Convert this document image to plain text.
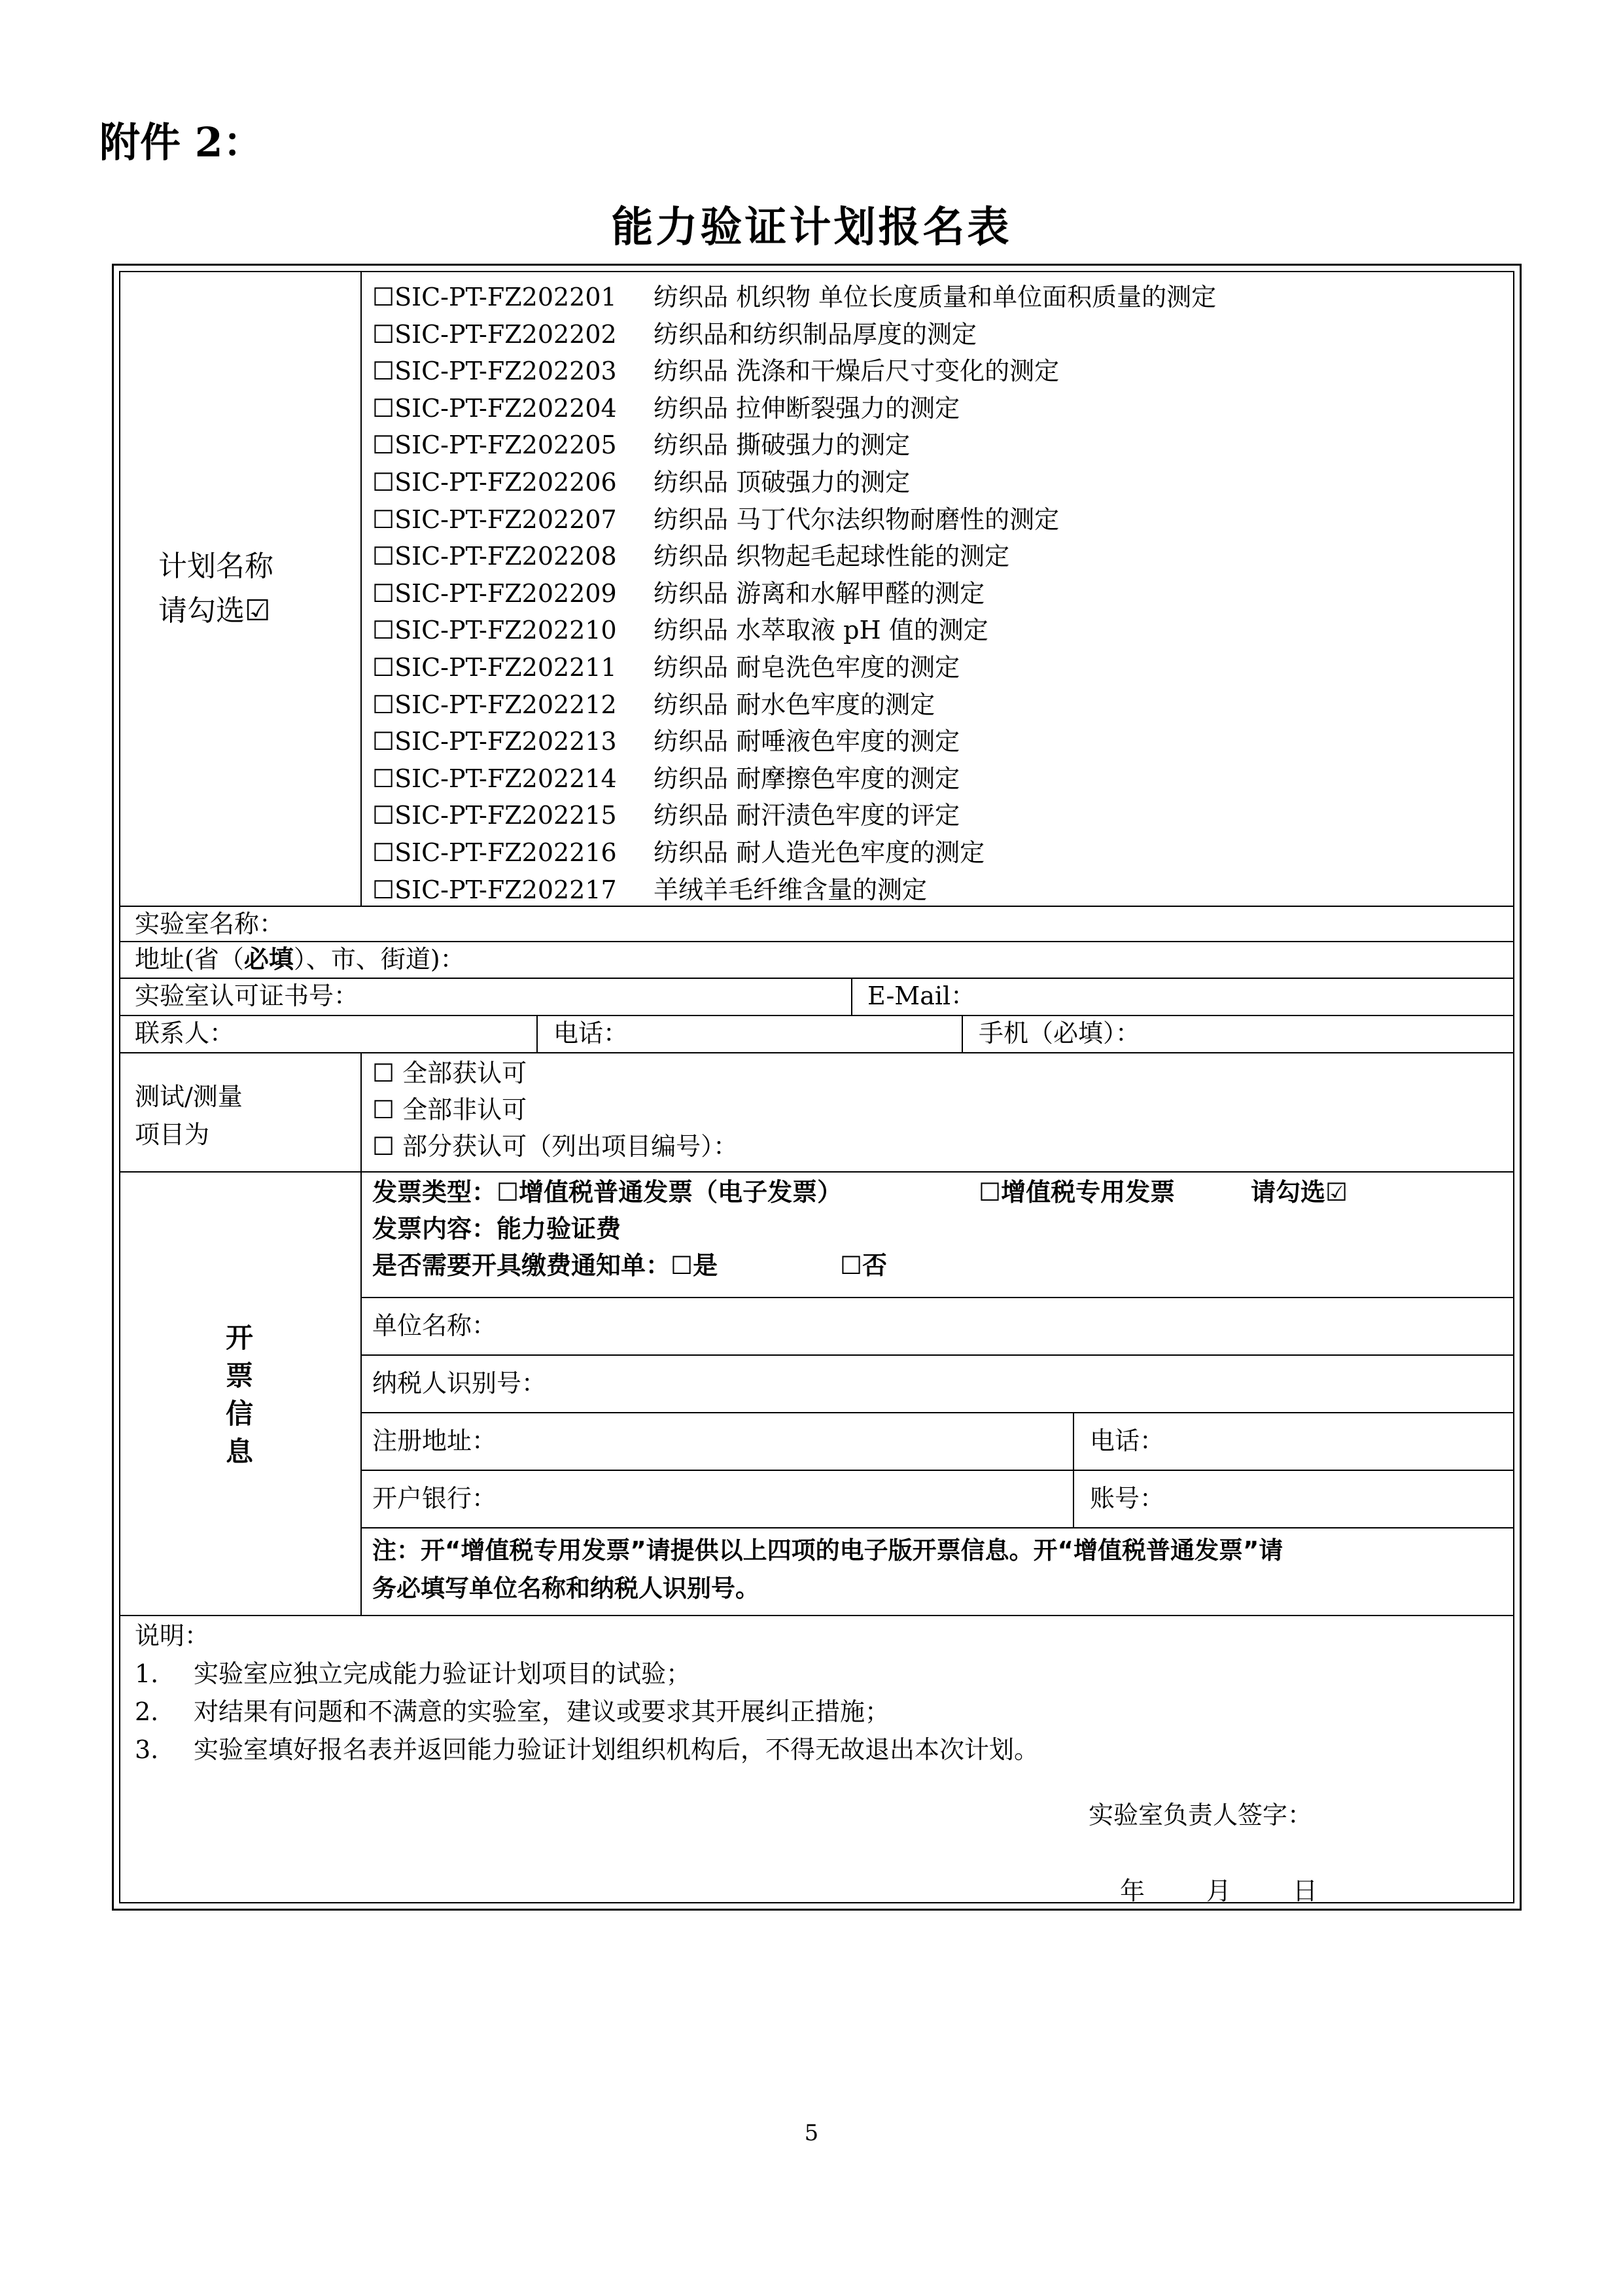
附件 2：
能力验证计划报名表
计划名称
请勾选☑
☐SIC-PT-FZ202201 纺织品 机织物 单位长度质量和单位面积质量的测定
☐SIC-PT-FZ202202 纺织品和纺织制品厚度的测定
☐SIC-PT-FZ202203 纺织品 洗涤和干燥后尺寸变化的测定
☐SIC-PT-FZ202204 纺织品 拉伸断裂强力的测定
☐SIC-PT-FZ202205 纺织品 撕破强力的测定
☐SIC-PT-FZ202206 纺织品 顶破强力的测定
☐SIC-PT-FZ202207 纺织品 马丁代尔法织物耐磨性的测定
☐SIC-PT-FZ202208 纺织品 织物起毛起球性能的测定
☐SIC-PT-FZ202209 纺织品 游离和水解甲醛的测定
☐SIC-PT-FZ202210 纺织品 水萃取液 pH 值的测定
☐SIC-PT-FZ202211 纺织品 耐皂洗色牢度的测定
☐SIC-PT-FZ202212 纺织品 耐水色牢度的测定
☐SIC-PT-FZ202213 纺织品 耐唾液色牢度的测定
☐SIC-PT-FZ202214 纺织品 耐摩擦色牢度的测定
☐SIC-PT-FZ202215 纺织品 耐汗渍色牢度的评定
☐SIC-PT-FZ202216 纺织品 耐人造光色牢度的测定
☐SIC-PT-FZ202217 羊绒羊毛纤维含量的测定
实验室名称：
地址(省（必填）、市、街道)：
实验室认可证书号：	E-Mail：
联系人：	电话：	手机（必填）：
测试/测量
项目为
☐ 全部获认可
☐ 全部非认可
☐ 部分获认可（列出项目编号）：
开
票
信
息
发票类型：☐增值税普通发票（电子发票）	☐增值税专用发票	请勾选☑
发票内容：能力验证费
是否需要开具缴费通知单：☐是	☐否
单位名称：
纳税人识别号：
注册地址：	电话：
开户银行：	账号：
注：开“增值税专用发票”请提供以上四项的电子版开票信息。开“增值税普通发票”请
务必填写单位名称和纳税人识别号。
说明：
1. 实验室应独立完成能力验证计划项目的试验；
2. 对结果有问题和不满意的实验室，建议或要求其开展纠正措施；
3. 实验室填好报名表并返回能力验证计划组织机构后，不得无故退出本次计划。
实验室负责人签字：
年 月 日
5
